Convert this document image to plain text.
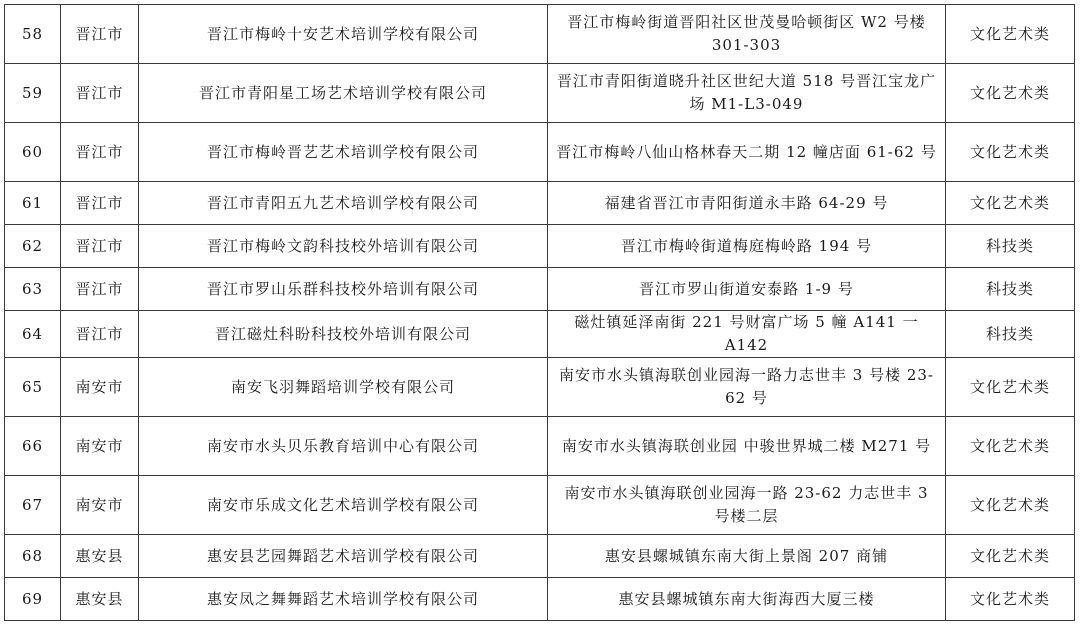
58	晋江市	晋江市梅岭十安艺术培训学校有限公司	晋江市梅岭街道晋阳社区世茂曼哈顿街区 W2 号楼 301-303	文化艺术类
59	晋江市	晋江市青阳星工场艺术培训学校有限公司	晋江市青阳街道晓升社区世纪大道 518 号晋江宝龙广场 M1-L3-049	文化艺术类
60	晋江市	晋江市梅岭晋艺艺术培训学校有限公司	晋江市梅岭八仙山格林春天二期 12 幢店面 61-62 号	文化艺术类
61	晋江市	晋江市青阳五九艺术培训学校有限公司	福建省晋江市青阳街道永丰路 64-29 号	文化艺术类
62	晋江市	晋江市梅岭文韵科技校外培训有限公司	晋江市梅岭街道梅庭梅岭路 194 号	科技类
63	晋江市	晋江市罗山乐群科技校外培训有限公司	晋江市罗山街道安泰路 1-9 号	科技类
64	晋江市	晋江磁灶科盼科技校外培训有限公司	磁灶镇延泽南街 221 号财富广场 5 幢 A141 一 A142	科技类
65	南安市	南安飞羽舞蹈培训学校有限公司	南安市水头镇海联创业园海一路力志世丰 3 号楼 23-62 号	文化艺术类
66	南安市	南安市水头贝乐教育培训中心有限公司	南安市水头镇海联创业园 中骏世界城二楼 M271 号	文化艺术类
67	南安市	南安市乐成文化艺术培训学校有限公司	南安市水头镇海联创业园海一路 23-62 力志世丰 3 号楼二层	文化艺术类
68	惠安县	惠安县艺园舞蹈艺术培训学校有限公司	惠安县螺城镇东南大街上景阁 207 商铺	文化艺术类
69	惠安县	惠安凤之舞舞蹈艺术培训学校有限公司	惠安县螺城镇东南大街海西大厦三楼	文化艺术类
